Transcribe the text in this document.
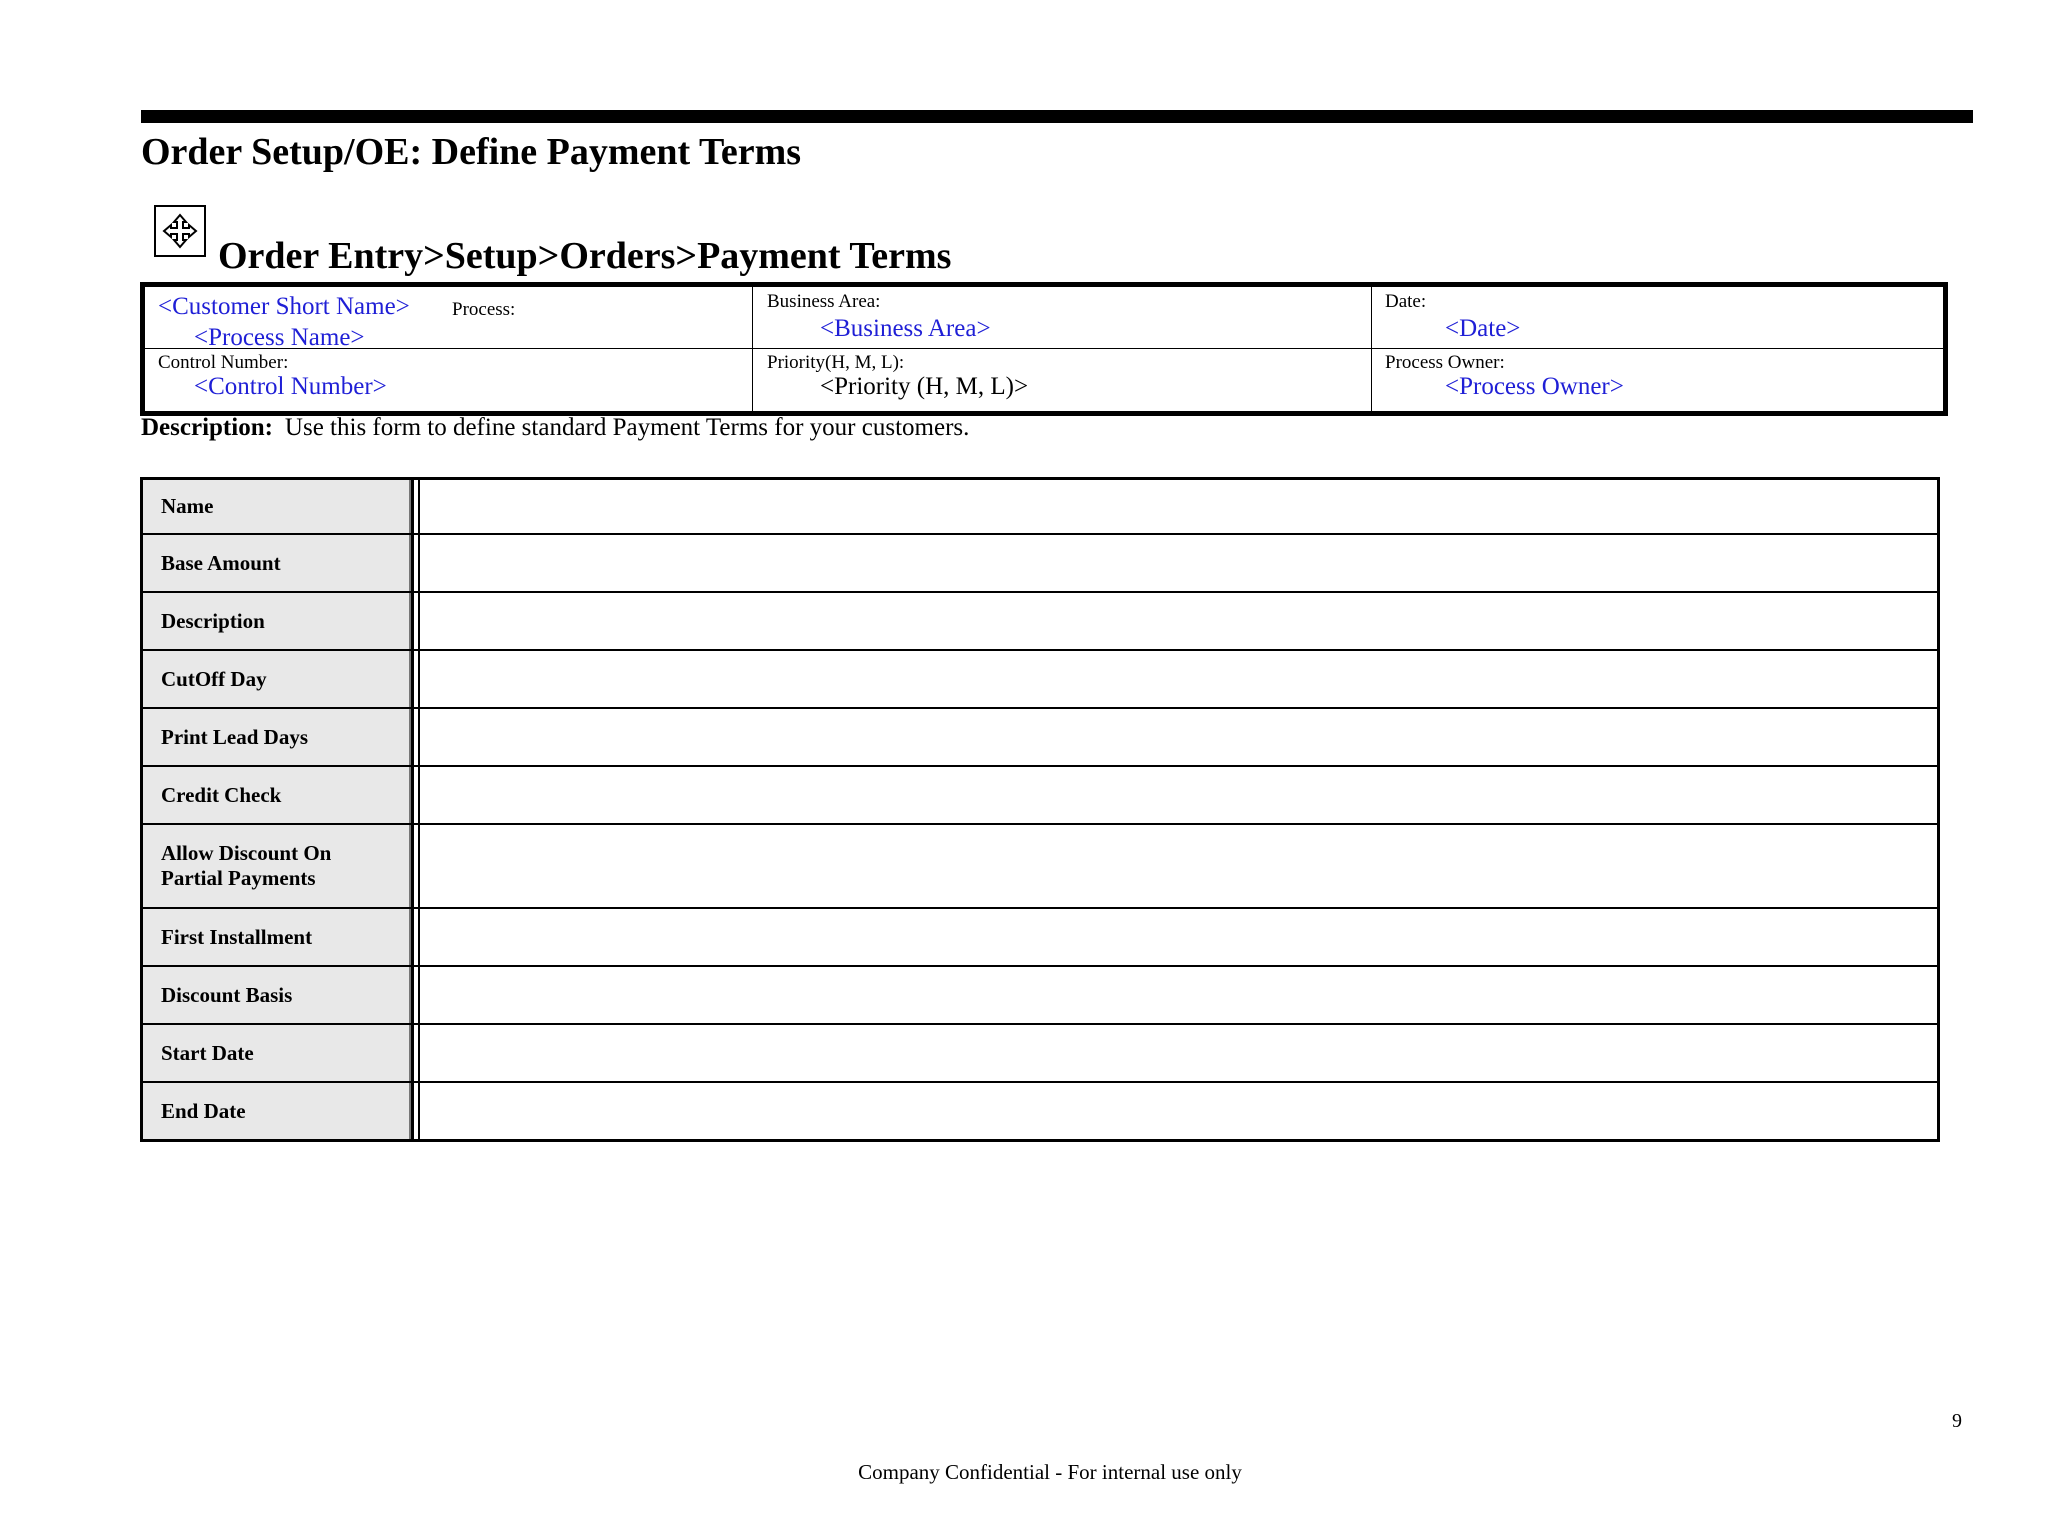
Order Setup/OE: Define Payment Terms
Order Entry>Setup>Orders>Payment Terms
<Customer Short Name> Process:
<Process Name>
Business Area:
<Business Area>
Date:
<Date>
Control Number:
<Control Number>
Priority(H, M, L):
<Priority (H, M, L)>
Process Owner:
<Process Owner>
Description: Use this form to define standard Payment Terms for your customers.
Name
Base Amount
Description
CutOff Day
Print Lead Days
Credit Check
Allow Discount On Partial Payments
First Installment
Discount Basis
Start Date
End Date
9
Company Confidential - For internal use only
